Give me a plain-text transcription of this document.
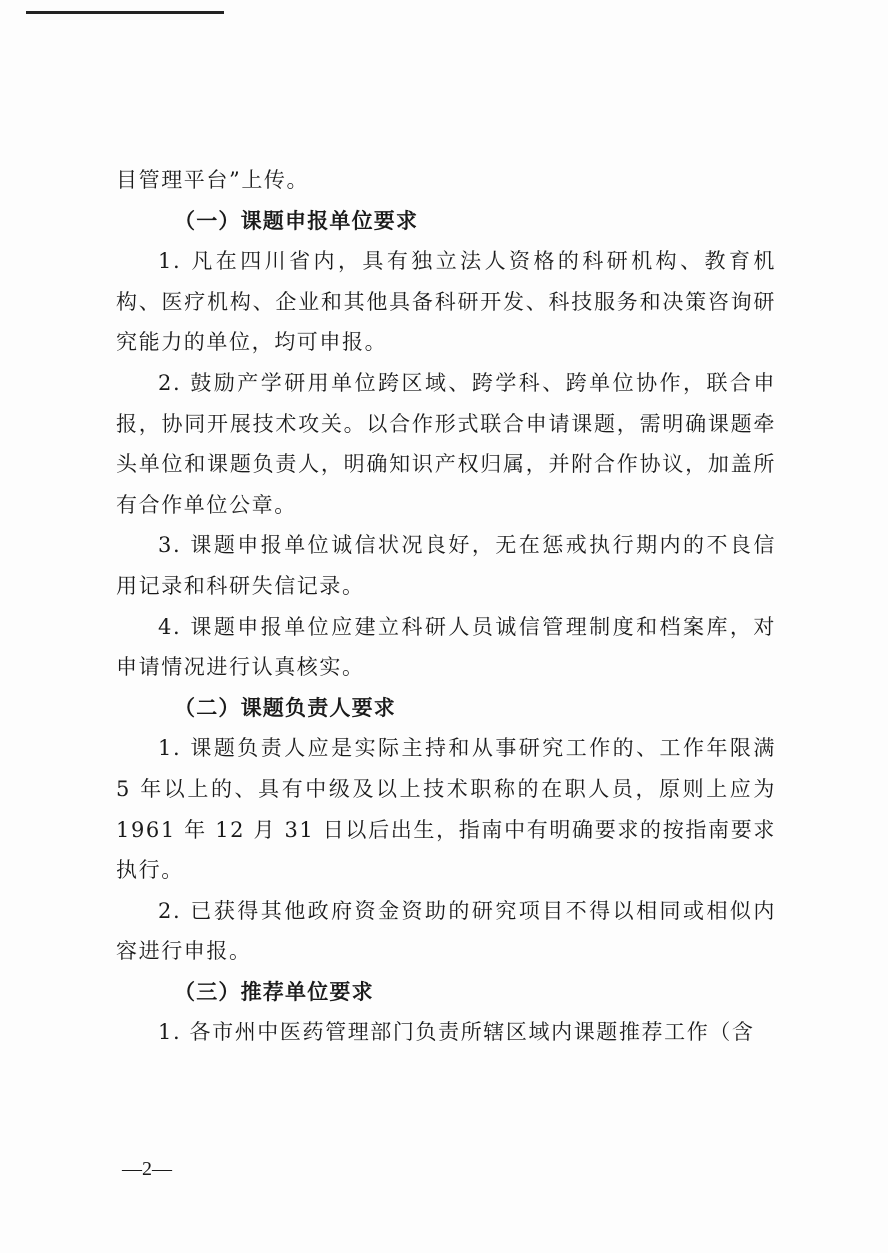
目管理平台”上传。

（一）课题申报单位要求

1. 凡在四川省内，具有独立法人资格的科研机构、教育机构、医疗机构、企业和其他具备科研开发、科技服务和决策咨询研究能力的单位，均可申报。

2. 鼓励产学研用单位跨区域、跨学科、跨单位协作，联合申报，协同开展技术攻关。以合作形式联合申请课题，需明确课题牵头单位和课题负责人，明确知识产权归属，并附合作协议，加盖所有合作单位公章。

3. 课题申报单位诚信状况良好，无在惩戒执行期内的不良信用记录和科研失信记录。

4. 课题申报单位应建立科研人员诚信管理制度和档案库，对申请情况进行认真核实。

（二）课题负责人要求

1. 课题负责人应是实际主持和从事研究工作的、工作年限满 5 年以上的、具有中级及以上技术职称的在职人员，原则上应为 1961 年 12 月 31 日以后出生，指南中有明确要求的按指南要求执行。

2. 已获得其他政府资金资助的研究项目不得以相同或相似内容进行申报。

（三）推荐单位要求

1. 各市州中医药管理部门负责所辖区域内课题推荐工作（含

—2—
